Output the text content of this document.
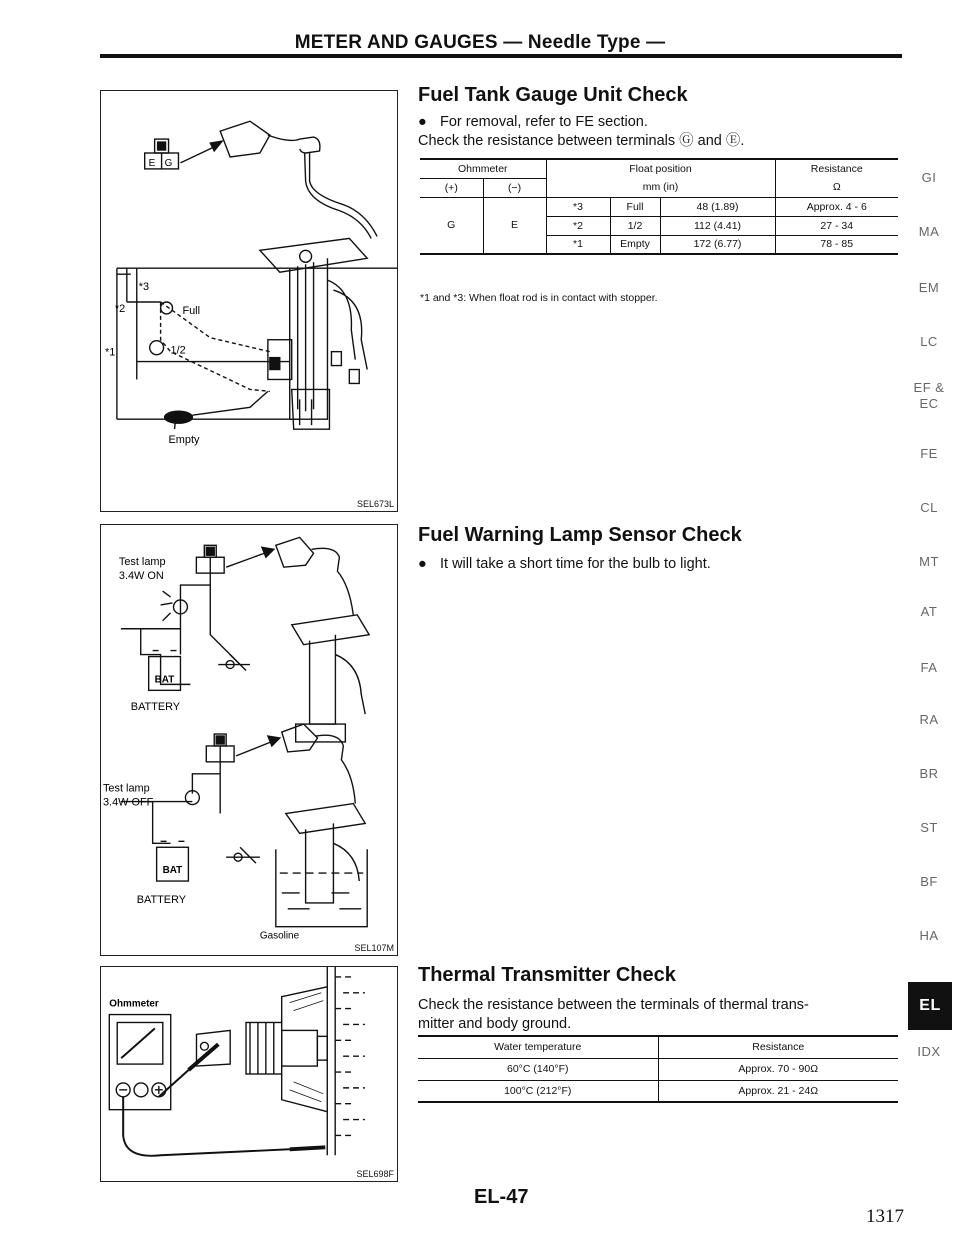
METER AND GAUGES — Needle Type —
E G
*3
*2
*1
Full
1/2
Empty
SEL673L
Test lamp
3.4W ON
BAT
BATTERY
Test lamp
3.4W OFF
BAT
BATTERY
Gasoline
SEL107M
Ohmmeter
SEL698F
Fuel Tank Gauge Unit Check
● For removal, refer to FE section.
Check the resistance between terminals Ⓖ and Ⓔ.
Ohmmeter		Float position			Resistance
(+)	(−)	mm (in)			Ω
G	E	*3	Full	48 (1.89)	Approx. 4 - 6
		*2	1/2	112 (4.41)	27 - 34
		*1	Empty	172 (6.77)	78 - 85
*1 and *3: When float rod is in contact with stopper.
Fuel Warning Lamp Sensor Check
● It will take a short time for the bulb to light.
Thermal Transmitter Check
Check the resistance between the terminals of thermal trans-
mitter and body ground.
Water temperature	Resistance
60°C (140°F)	Approx. 70 - 90Ω
100°C (212°F)	Approx. 21 - 24Ω
GI
MA
EM
LC
EF &
EC
FE
CL
MT
AT
FA
RA
BR
ST
BF
HA
EL
IDX
EL-47
1317
